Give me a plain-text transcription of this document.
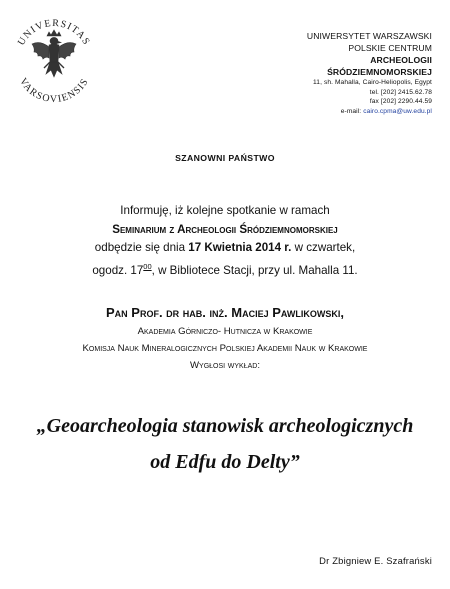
UNIVERSITAS
VARSOVIENSIS
UNIWERSYTET WARSZAWSKI
POLSKIE CENTRUM
ARCHEOLOGII
ŚRÓDZIEMNOMORSKIEJ
11, sh. Mahalla, Cairo-Heliopolis, Egypt
tel. [202] 2415.62.78
fax [202] 2290.44.59
e-mail: cairo.cpma@uw.edu.pl
SZANOWNI PAŃSTWO
Informuję, iż kolejne spotkanie w ramach
Seminarium z Archeologii Śródziemnomorskiej
odbędzie się dnia 17 Kwietnia 2014 r. w czwartek,
ogodz. $17^{00}$, w Bibliotece Stacji, przy ul. Mahalla 11.
Pan Prof. dr hab. inż. Maciej Pawlikowski,
Akademia Górniczo- Hutnicza w Krakowie
Komisja Nauk Mineralogicznych Polskiej Akademii Nauk w Krakowie
Wygłosi wykład:
„Geoarcheologia stanowisk archeologicznych
od Edfu do Delty”
Dr Zbigniew E. Szafrański
